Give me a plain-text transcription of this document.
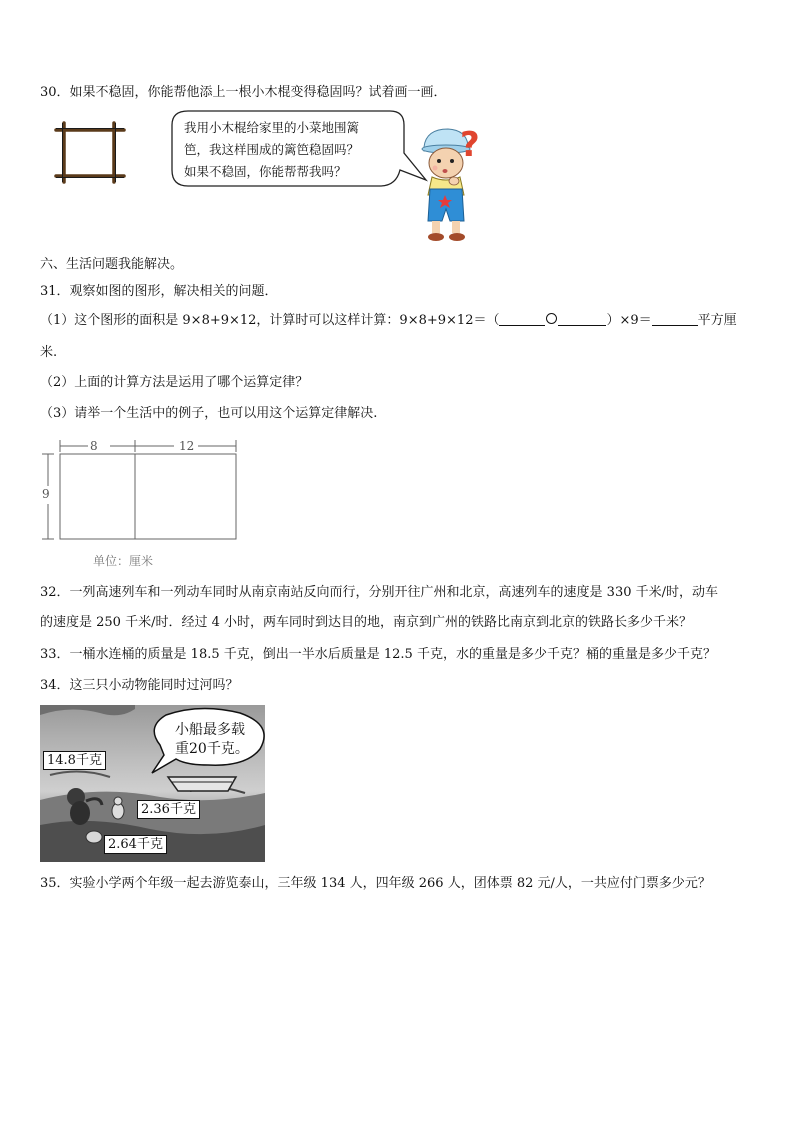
30．如果不稳固，你能帮他添上一根小木棍变得稳固吗？试着画一画．
我用小木棍给家里的小菜地围篱
笆，我这样围成的篱笆稳固吗？
如果不稳固，你能帮帮我吗？
?
六、生活问题我能解决。
31．观察如图的图形，解决相关的问题．
（1）这个图形的面积是 9×8+9×12，计算时可以这样计算：9×8+9×12＝（	）×9＝	平方厘
米.
（2）上面的计算方法是运用了哪个运算定律？
（3）请举一个生活中的例子，也可以用这个运算定律解决.
8	12
9
单位：厘米
32．一列高速列车和一列动车同时从南京南站反向而行，分别开往广州和北京，高速列车的速度是 330 千米/时，动车
的速度是 250 千米/时．经过 4 小时，两车同时到达目的地，南京到广州的铁路比南京到北京的铁路长多少千米？
33．一桶水连桶的质量是 18.5 千克，倒出一半水后质量是 12.5 千克，水的重量是多少千克？桶的重量是多少千克？
34．这三只小动物能同时过河吗？
小船最多载
重20千克。
14.8千克
2.36千克
2.64千克
35．实验小学两个年级一起去游览泰山，三年级 134 人，四年级 266 人，团体票 82 元/人，一共应付门票多少元？
